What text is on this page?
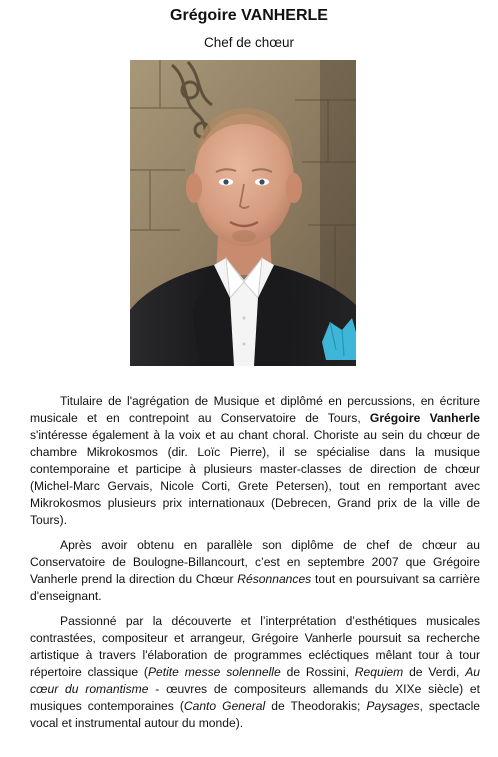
Grégoire VANHERLE
Chef de chœur

Titulaire de l'agrégation de Musique et diplômé en percussions, en écriture musicale et en contrepoint au Conservatoire de Tours, Grégoire Vanherle s'intéresse également à la voix et au chant choral. Choriste au sein du chœur de chambre Mikrokosmos (dir. Loïc Pierre), il se spécialise dans la musique contemporaine et participe à plusieurs master-classes de direction de chœur (Michel-Marc Gervais, Nicole Corti, Grete Petersen), tout en remportant avec Mikrokosmos plusieurs prix internationaux (Debrecen, Grand prix de la ville de Tours).

Après avoir obtenu en parallèle son diplôme de chef de chœur au Conservatoire de Boulogne-Billancourt, c’est en septembre 2007 que Grégoire Vanherle prend la direction du Chœur Résonnances tout en poursuivant sa carrière d'enseignant.

Passionné par la découverte et l’interprétation d’esthétiques musicales contrastées, compositeur et arrangeur, Grégoire Vanherle poursuit sa recherche artistique à travers l'élaboration de programmes ecléctiques mêlant tour à tour répertoire classique (Petite messe solennelle de Rossini, Requiem de Verdi, Au cœur du romantisme - œuvres de compositeurs allemands du XIXe siècle) et musiques contemporaines (Canto General de Theodorakis; Paysages, spectacle vocal et instrumental autour du monde).
